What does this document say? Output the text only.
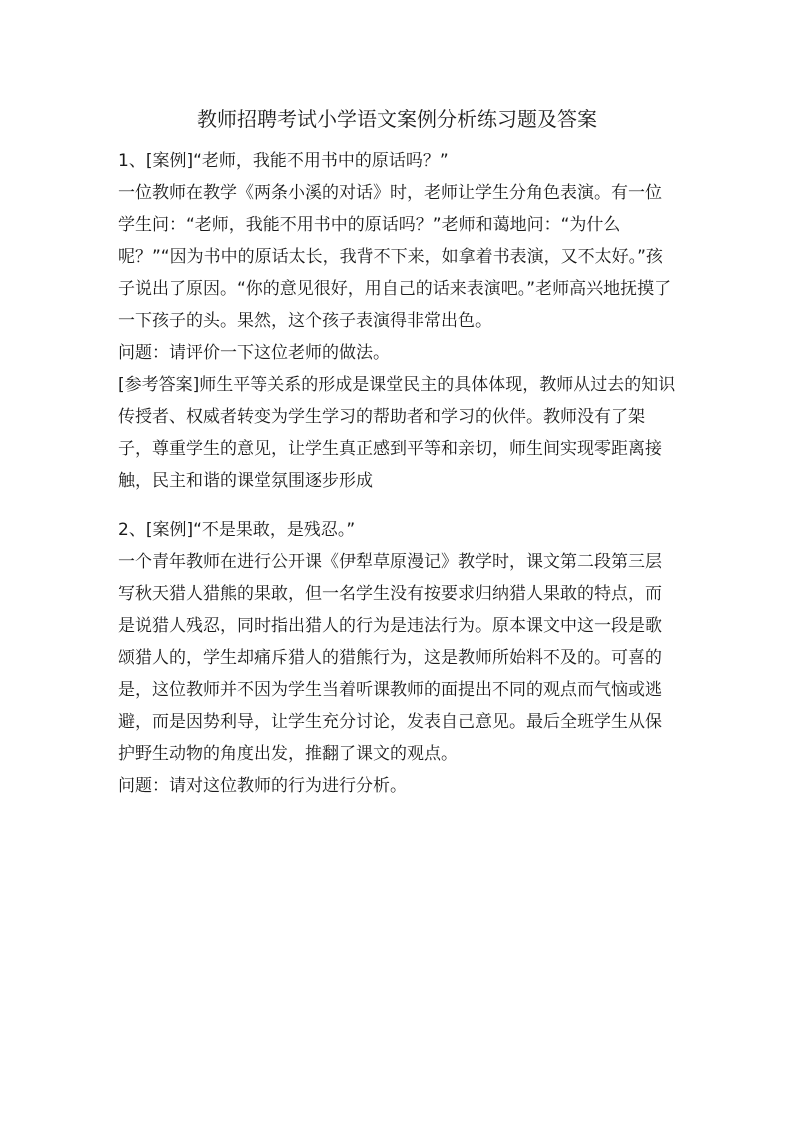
教师招聘考试小学语文案例分析练习题及答案

1、[案例]“老师，我能不用书中的原话吗？”

一位教师在教学《两条小溪的对话》时，老师让学生分角色表演。有一位学生问：“老师，我能不用书中的原话吗？”老师和蔼地问：“为什么呢？”“因为书中的原话太长，我背不下来，如拿着书表演，又不太好。”孩子说出了原因。“你的意见很好，用自己的话来表演吧。”老师高兴地抚摸了一下孩子的头。果然，这个孩子表演得非常出色。

问题：请评价一下这位老师的做法。

[参考答案]师生平等关系的形成是课堂民主的具体体现，教师从过去的知识传授者、权威者转变为学生学习的帮助者和学习的伙伴。教师没有了架子，尊重学生的意见，让学生真正感到平等和亲切，师生间实现零距离接触，民主和谐的课堂氛围逐步形成

2、[案例]“不是果敢，是残忍。”

一个青年教师在进行公开课《伊犁草原漫记》教学时，课文第二段第三层写秋天猎人猎熊的果敢，但一名学生没有按要求归纳猎人果敢的特点，而是说猎人残忍，同时指出猎人的行为是违法行为。原本课文中这一段是歌颂猎人的，学生却痛斥猎人的猎熊行为，这是教师所始料不及的。可喜的是，这位教师并不因为学生当着听课教师的面提出不同的观点而气恼或逃避，而是因势利导，让学生充分讨论，发表自己意见。最后全班学生从保护野生动物的角度出发，推翻了课文的观点。

问题：请对这位教师的行为进行分析。
